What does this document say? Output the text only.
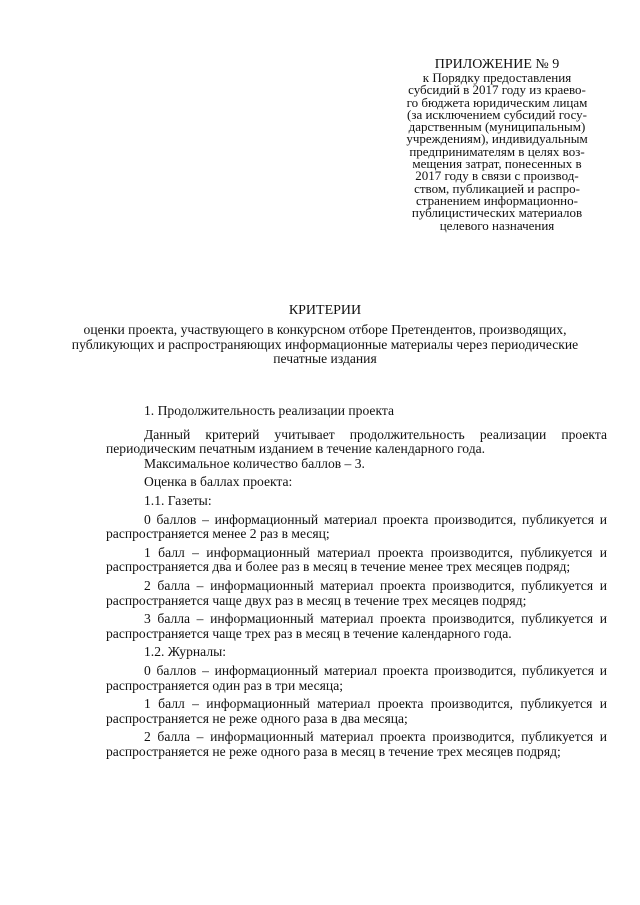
ПРИЛОЖЕНИЕ № 9
к Порядку предоставления
субсидий в 2017 году из краево-
го бюджета юридическим лицам
(за исключением субсидий госу-
дарственным (муниципальным)
учреждениям), индивидуальным
предпринимателям в целях воз-
мещения затрат, понесенных в
2017 году в связи с производ-
ством, публикацией и распро-
странением информационно-
публицистических материалов
целевого назначения
КРИТЕРИИ
оценки проекта, участвующего в конкурсном отборе Претендентов, производящих, публикующих и распространяющих информационные материалы через периодические печатные издания

1. Продолжительность реализации проекта

Данный критерий учитывает продолжительность реализации проекта периодическим печатным изданием в течение календарного года.

Максимальное количество баллов – 3.

Оценка в баллах проекта:

1.1. Газеты:

0 баллов – информационный материал проекта производится, публикуется и распространяется менее 2 раз в месяц;

1 балл – информационный материал проекта производится, публикуется и распространяется два и более раз в месяц в течение менее трех месяцев подряд;

2 балла – информационный материал проекта производится, публикуется и распространяется чаще двух раз в месяц в течение трех месяцев подряд;

3 балла – информационный материал проекта производится, публикуется и распространяется чаще трех раз в месяц в течение календарного года.

1.2. Журналы:

0 баллов – информационный материал проекта производится, публикуется и распространяется один раз в три месяца;

1 балл – информационный материал проекта производится, публикуется и распространяется не реже одного раза в два месяца;

2 балла – информационный материал проекта производится, публикуется и распространяется не реже одного раза в месяц в течение трех месяцев подряд;
